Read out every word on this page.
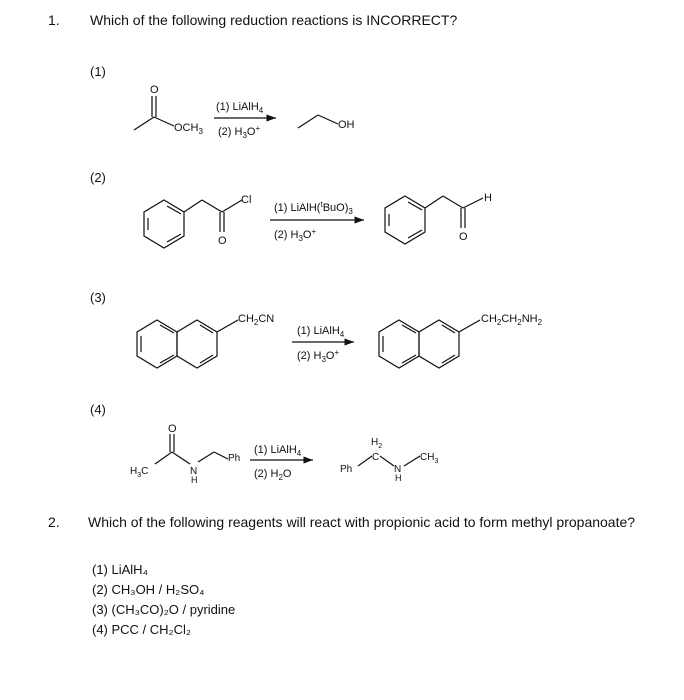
1. Which of the following reduction reactions is INCORRECT?
(1)
(2)
(3)
(4)
O
$OCH_3$
(1) LiAlH$_4$
(2) $H_3O^+$	OH
Cl
O
(1) $LiAlH(^tBuO)_3$
(2) $H_3O^+$
H
O
$CH_2CN$
(1) LiAlH$_4$
(2) $H_3O^+$
$CH_2CH_2NH_2$
O
$H_3C$
Ph
N
H
(1) LiAlH$_4$
(2) $H_2O$
$H_2$
C
Ph	N
H
$CH_3$
2. Which of the following reagents will react with propionic acid to form methyl propanoate?
(1) LiAlH₄
(2) CH₃OH / H₂SO₄
(3) (CH₃CO)₂O / pyridine
(4) PCC / CH₂Cl₂
